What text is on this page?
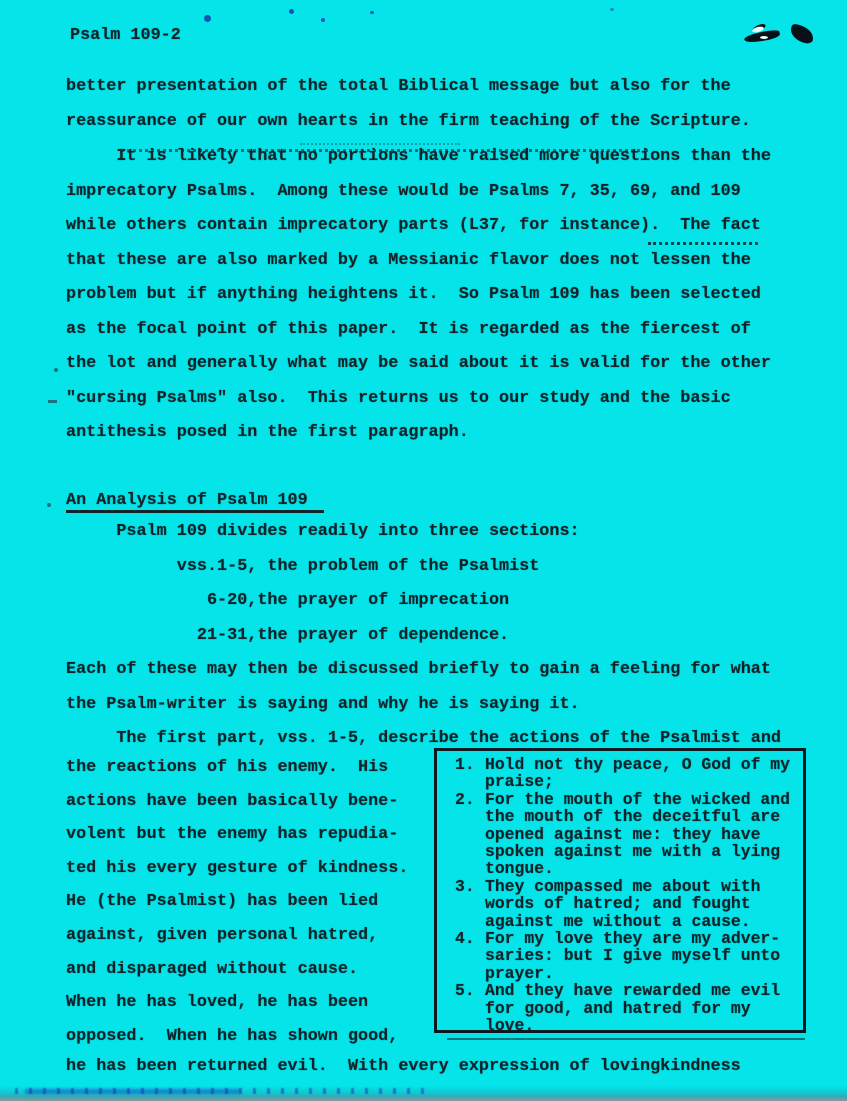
Psalm 109-2
better presentation of the total Biblical message but also for the
reassurance of our own hearts in the firm teaching of the Scripture.
It is likely that no portions have raised more questions than the
imprecatory Psalms.  Among these would be Psalms 7, 35, 69, and 109
while others contain imprecatory parts (L37, for instance).  The fact
that these are also marked by a Messianic flavor does not lessen the
problem but if anything heightens it.  So Psalm 109 has been selected
as the focal point of this paper.  It is regarded as the fiercest of
the lot and generally what may be said about it is valid for the other
"cursing Psalms" also.  This returns us to our study and the basic
antithesis posed in the first paragraph.
An Analysis of Psalm 109
Psalm 109 divides readily into three sections:
vss.1-5, the problem of the Psalmist
6-20,the prayer of imprecation
21-31,the prayer of dependence.
Each of these may then be discussed briefly to gain a feeling for what
the Psalm-writer is saying and why he is saying it.
The first part, vss. 1-5, describe the actions of the Psalmist and
the reactions of his enemy.  His
actions have been basically bene-
volent but the enemy has repudia-
ted his every gesture of kindness.
He (the Psalmist) has been lied
against, given personal hatred,
and disparaged without cause.
When he has loved, he has been
opposed.  When he has shown good,
1. Hold not thy peace, O God of my
praise;
2. For the mouth of the wicked and
the mouth of the deceitful are
opened against me: they have
spoken against me with a lying
tongue.
3. They compassed me about with
words of hatred; and fought
against me without a cause.
4. For my love they are my adver-
saries: but I give myself unto
prayer.
5. And they have rewarded me evil
for good, and hatred for my
love.
he has been returned evil.  With every expression of lovingkindness
